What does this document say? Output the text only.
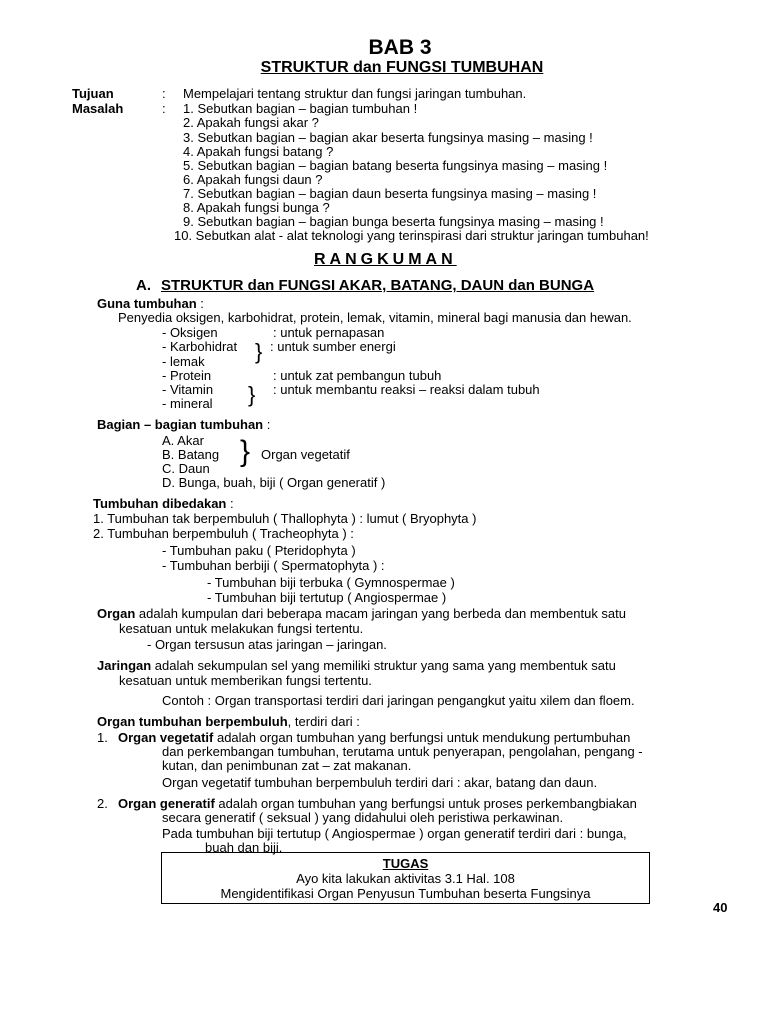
BAB 3
STRUKTUR dan FUNGSI TUMBUHAN
Tujuan	: Mempelajari tentang struktur dan fungsi jaringan tumbuhan.
Masalah	: 1. Sebutkan bagian – bagian tumbuhan !
2. Apakah fungsi akar ?
3. Sebutkan bagian – bagian akar beserta fungsinya masing – masing !
4. Apakah fungsi batang ?
5. Sebutkan bagian – bagian batang beserta fungsinya masing – masing !
6. Apakah fungsi daun ?
7. Sebutkan bagian – bagian daun beserta fungsinya masing – masing !
8. Apakah fungsi bunga ?
9. Sebutkan bagian – bagian bunga beserta fungsinya masing – masing !
10. Sebutkan alat - alat teknologi yang terinspirasi dari struktur jaringan tumbuhan!
RANGKUMAN
A. STRUKTUR dan FUNGSI AKAR, BATANG, DAUN dan BUNGA
Guna tumbuhan :
Penyedia oksigen, karbohidrat, protein, lemak, vitamin, mineral bagi manusia dan hewan.
- Oksigen
- Karbohidrat
- lemak
- Protein
- Vitamin
- mineral
}
}
: untuk pernapasan
: untuk sumber energi
: untuk zat pembangun tubuh
: untuk membantu reaksi – reaksi dalam tubuh
Bagian – bagian tumbuhan :
A. Akar
B. Batang
C. Daun
D. Bunga, buah, biji ( Organ generatif )
} Organ vegetatif
Tumbuhan dibedakan :
1. Tumbuhan tak berpembuluh ( Thallophyta ) : lumut ( Bryophyta )
2. Tumbuhan berpembuluh ( Tracheophyta ) :
- Tumbuhan paku ( Pteridophyta )
- Tumbuhan berbiji ( Spermatophyta ) :
- Tumbuhan biji terbuka ( Gymnospermae )
- Tumbuhan biji tertutup ( Angiospermae )
Organ adalah kumpulan dari beberapa macam jaringan yang berbeda dan membentuk satu
kesatuan untuk melakukan fungsi tertentu.
- Organ tersusun atas jaringan – jaringan.
Jaringan adalah sekumpulan sel yang memiliki struktur yang sama yang membentuk satu
kesatuan untuk memberikan fungsi tertentu.
Contoh : Organ transportasi terdiri dari jaringan pengangkut yaitu xilem dan floem.
Organ tumbuhan berpembuluh, terdiri dari :
1. Organ vegetatif adalah organ tumbuhan yang berfungsi untuk mendukung pertumbuhan
dan perkembangan tumbuhan, terutama untuk penyerapan, pengolahan, pengang -
kutan, dan penimbunan zat – zat makanan.
Organ vegetatif tumbuhan berpembuluh terdiri dari : akar, batang dan daun.
2. Organ generatif adalah organ tumbuhan yang berfungsi untuk proses perkembangbiakan
secara generatif ( seksual ) yang didahului oleh peristiwa perkawinan.
Pada tumbuhan biji tertutup ( Angiospermae ) organ generatif terdiri dari : bunga,
buah dan biji.
TUGAS
Ayo kita lakukan aktivitas 3.1 Hal. 108
Mengidentifikasi Organ Penyusun Tumbuhan beserta Fungsinya
40
